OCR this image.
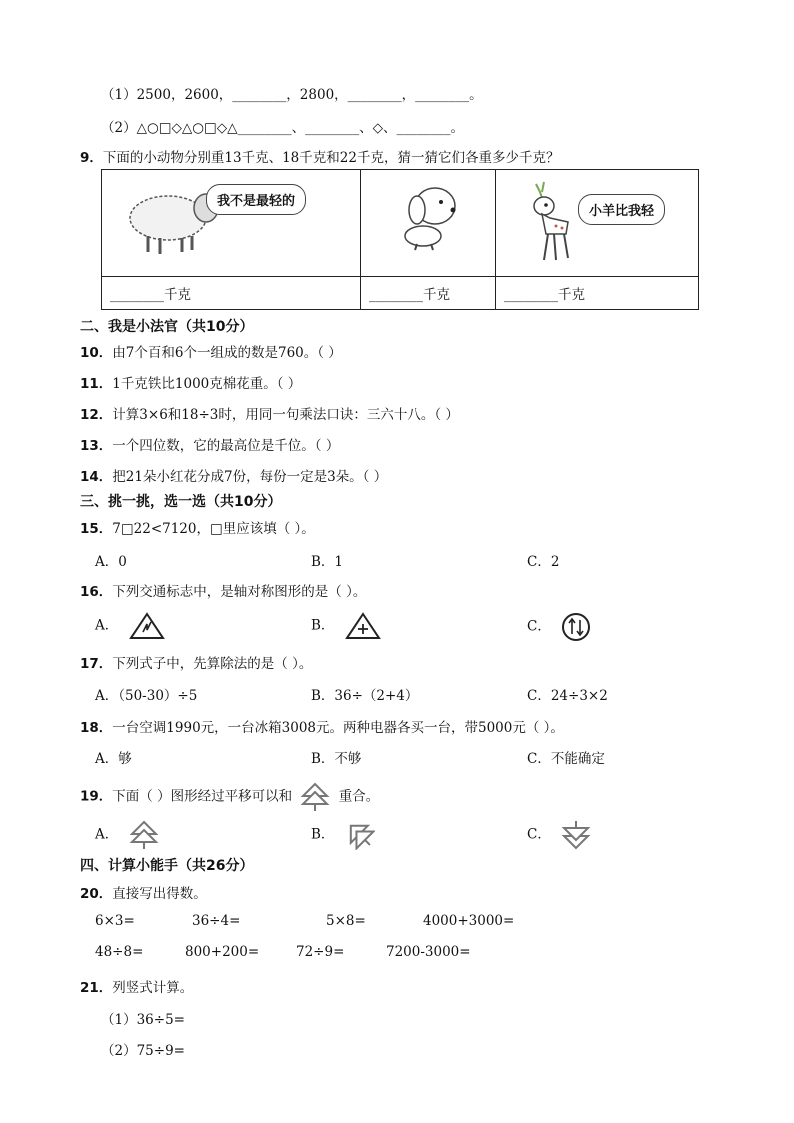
（1）2500，2600，________，2800，________，________。
（2）△○□◇△○□◇△________、________、◇、________。
9．下面的小动物分别重13千克、18千克和22千克，猜一猜它们各重多少千克？
我不是最轻的		小羊比我轻

________千克	________千克	________千克
二、我是小法官（共10分）
10．由7个百和6个一组成的数是760。（ ）
11．1千克铁比1000克棉花重。（ ）
12．计算3×6和18÷3时，用同一句乘法口诀：三六十八。（ ）
13．一个四位数，它的最高位是千位。（ ）
14．把21朵小红花分成7份，每份一定是3朵。（ ）
三、挑一挑，选一选（共10分）
15．7□22<7120，□里应该填（ ）。
A．0	B．1	C．2
16．下列交通标志中，是轴对称图形的是（ ）。
A．	B．	C．
17．下列式子中，先算除法的是（ ）。
A．（50-30）÷5	B．36÷（2+4）	C．24÷3×2
18．一台空调1990元，一台冰箱3008元。两种电器各买一台，带5000元（ ）。
A．够	B．不够	C．不能确定
19．下面（ ）图形经过平移可以和	重合。
A．	B．	C．
四、计算小能手（共26分）
20．直接写出得数。
6×3=	36÷4=	5×8=	4000+3000=
48÷8=	800+200=	72÷9=	7200-3000=
21．列竖式计算。
（1）36÷5=
（2）75÷9=
